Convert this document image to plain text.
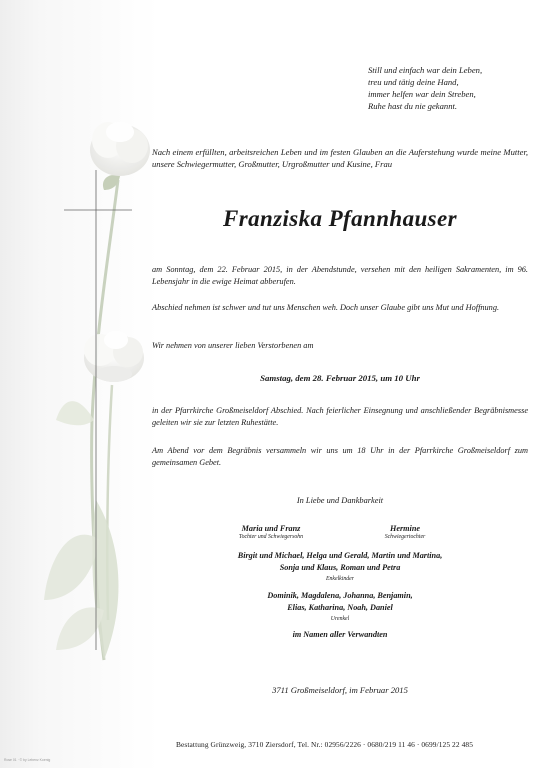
Still und einfach war dein Leben,
treu und tätig deine Hand,
immer helfen war dein Streben,
Ruhe hast du nie gekannt.
Nach einem erfüllten, arbeitsreichen Leben und im festen Glauben an die Auferstehung wurde meine Mutter, unsere Schwiegermutter, Großmutter, Urgroßmutter und Kusine, Frau
Franziska Pfannhauser
am Sonntag, dem 22. Februar 2015, in der Abendstunde, versehen mit den heiligen Sakramenten, im 96. Lebensjahr in die ewige Heimat abberufen.
Abschied nehmen ist schwer und tut uns Menschen weh. Doch unser Glaube gibt uns Mut und Hoffnung.
Wir nehmen von unserer lieben Verstorbenen am
Samstag, dem 28. Februar 2015, um 10 Uhr
in der Pfarrkirche Großmeiseldorf Abschied. Nach feierlicher Einsegnung und anschließender Begräbnismesse geleiten wir sie zur letzten Ruhestätte.
Am Abend vor dem Begräbnis versammeln wir uns um 18 Uhr in der Pfarrkirche Großmeiseldorf zum gemeinsamen Gebet.
In Liebe und Dankbarkeit
Maria und Franz
Tochter und Schwiegersohn
Hermine
Schwiegertochter
Birgit und Michael, Helga und Gerald, Martin und Martina,
Sonja und Klaus, Roman und Petra
Enkelkinder
Dominik, Magdalena, Johanna, Benjamin,
Elias, Katharina, Noah, Daniel
Urenkel
im Namen aller Verwandten
3711 Großmeiseldorf, im Februar 2015
Bestattung Grünzweig, 3710 Ziersdorf, Tel. Nr.: 02956/2226 · 0680/219 11 46 · 0699/125 22 485
Rose 01 · © by Lebenz Koenig
